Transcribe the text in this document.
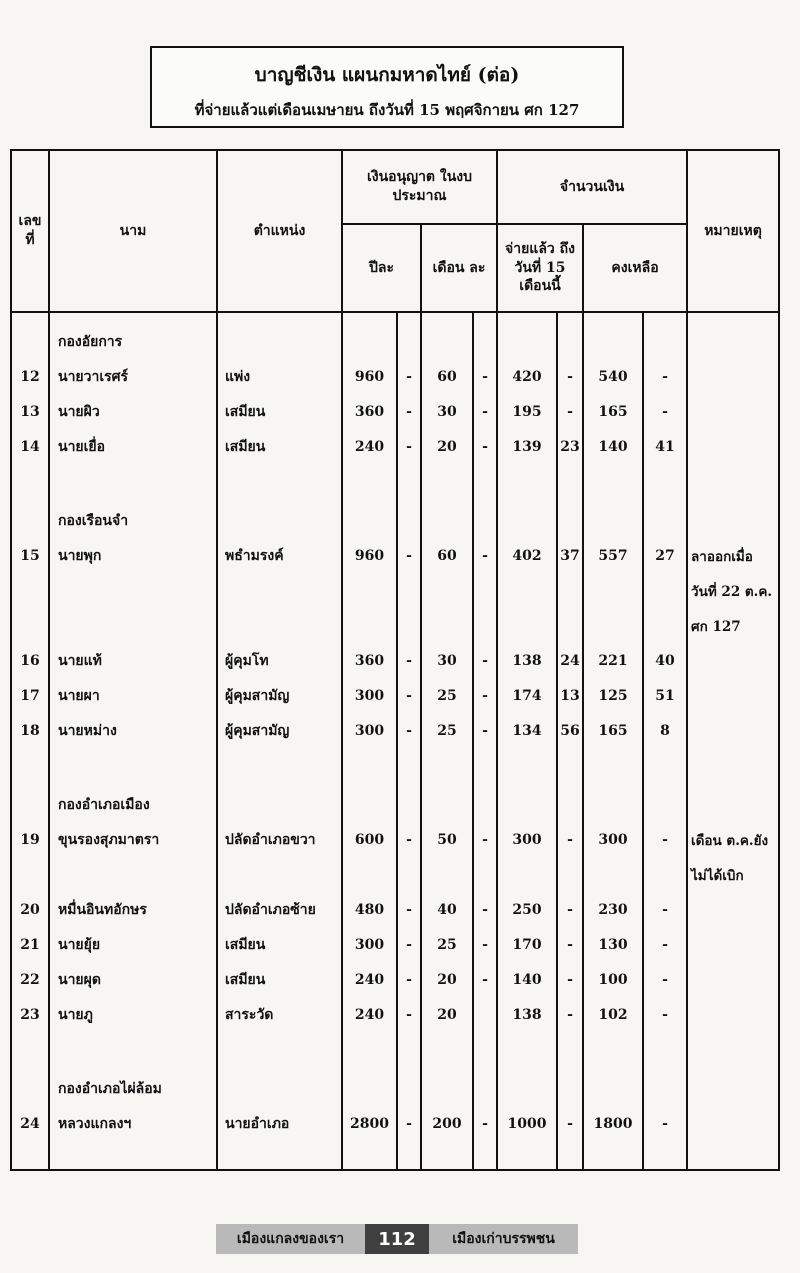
บาญชีเงิน แผนกมหาดไทย์ (ต่อ)
ที่จ่ายแล้วแต่เดือนเมษายน ถึงวันที่ 15 พฤศจิกายน ศก 127
เลข ที่	นาม	ตำแหน่ง	เงินอนุญาต ในงบประมาณ				จำนวนเงิน				หมายเหตุ
			ปีละ		เดือน ละ		จ่ายแล้ว ถึงวันที่ 15 เดือนนี้		คงเหลือ		
	กองอัยการ										
12	นายวาเรศร์	แพ่ง	960	-	60	-	420	-	540	-	
13	นายผิว	เสมียน	360	-	30	-	195	-	165	-	
14	นายเยื่อ	เสมียน	240	-	20	-	139	23	140	41	

	กองเรือนจำ										
15	นายพุก	พธำมรงค์	960	-	60	-	402	37	557	27	ลาออกเมื่อ
											วันที่ 22 ต.ค.
											ศก 127
16	นายแท้	ผู้คุมโท	360	-	30	-	138	24	221	40	
17	นายผา	ผู้คุมสามัญ	300	-	25	-	174	13	125	51	
18	นายหม่าง	ผู้คุมสามัญ	300	-	25	-	134	56	165	8	

	กองอำเภอเมือง										
19	ขุนรองสุภมาตรา	ปลัดอำเภอขวา	600	-	50	-	300	-	300	-	เดือน ต.ค.ยัง
											ไม่ได้เบิก
20	หมื่นอินทอักษร	ปลัดอำเภอซ้าย	480	-	40	-	250	-	230	-	
21	นายยุ้ย	เสมียน	300	-	25	-	170	-	130	-	
22	นายผุด	เสมียน	240	-	20	-	140	-	100	-	
23	นายภู	สาระวัด	240	-	20		138	-	102	-	

	กองอำเภอไผ่ล้อม										
24	หลวงแกลงฯ	นายอำเภอ	2800	-	200	-	1000	-	1800	-	

เมืองแกลงของเรา	112	เมืองเก่าบรรพชน
